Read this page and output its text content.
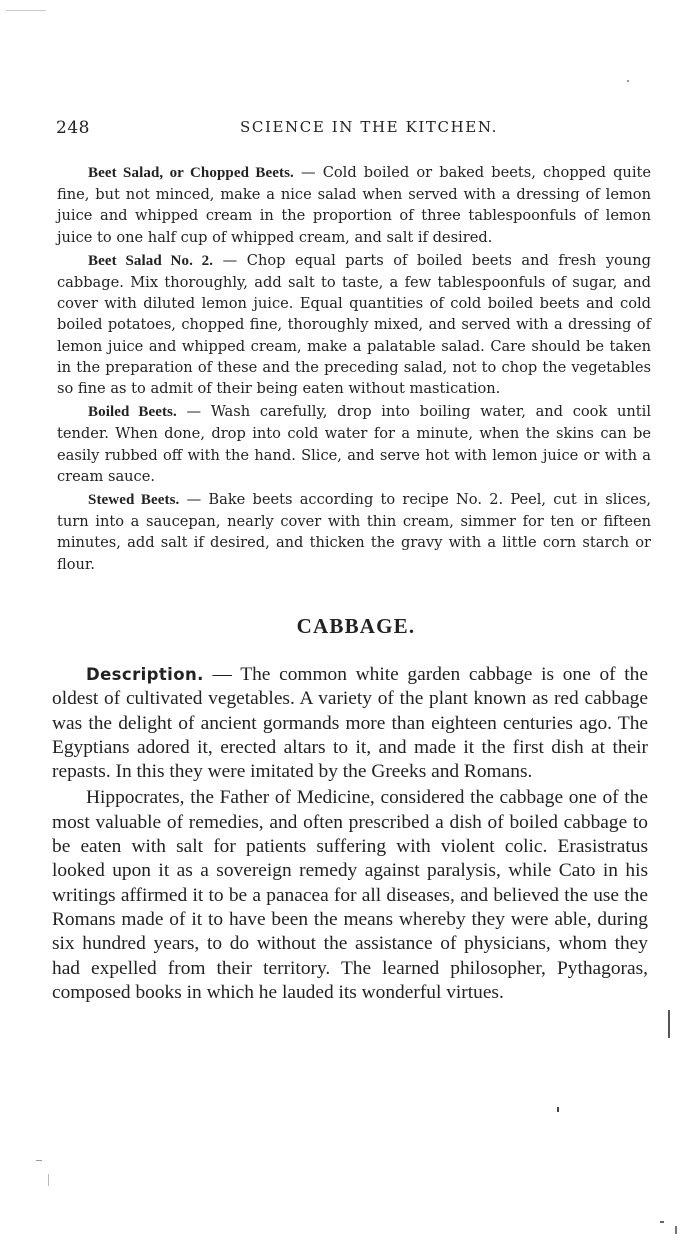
248	SCIENCE IN THE KITCHEN.

Beet Salad, or Chopped Beets. — Cold boiled or baked beets, chopped quite fine, but not minced, make a nice salad when served with a dressing of lemon juice and whipped cream in the proportion of three tablespoonfuls of lemon juice to one half cup of whipped cream, and salt if desired.

Beet Salad No. 2. — Chop equal parts of boiled beets and fresh young cabbage. Mix thoroughly, add salt to taste, a few tablespoonfuls of sugar, and cover with diluted lemon juice. Equal quantities of cold boiled beets and cold boiled potatoes, chopped fine, thoroughly mixed, and served with a dressing of lemon juice and whipped cream, make a palatable salad. Care should be taken in the preparation of these and the preceding salad, not to chop the vegetables so fine as to admit of their being eaten without mastication.

Boiled Beets. — Wash carefully, drop into boiling water, and cook until tender. When done, drop into cold water for a minute, when the skins can be easily rubbed off with the hand. Slice, and serve hot with lemon juice or with a cream sauce.

Stewed Beets. — Bake beets according to recipe No. 2. Peel, cut in slices, turn into a saucepan, nearly cover with thin cream, simmer for ten or fifteen minutes, add salt if desired, and thicken the gravy with a little corn starch or flour.

CABBAGE.

Description. — The common white garden cabbage is one of the oldest of cultivated vegetables. A variety of the plant known as red cabbage was the delight of ancient gormands more than eighteen centuries ago. The Egyptians adored it, erected altars to it, and made it the first dish at their repasts. In this they were imitated by the Greeks and Romans.

Hippocrates, the Father of Medicine, considered the cabbage one of the most valuable of remedies, and often prescribed a dish of boiled cabbage to be eaten with salt for patients suffering with violent colic. Erasistratus looked upon it as a sovereign remedy against paralysis, while Cato in his writings affirmed it to be a panacea for all diseases, and believed the use the Romans made of it to have been the means whereby they were able, during six hundred years, to do without the assistance of physicians, whom they had expelled from their territory. The learned philosopher, Pythagoras, composed books in which he lauded its wonderful virtues.
